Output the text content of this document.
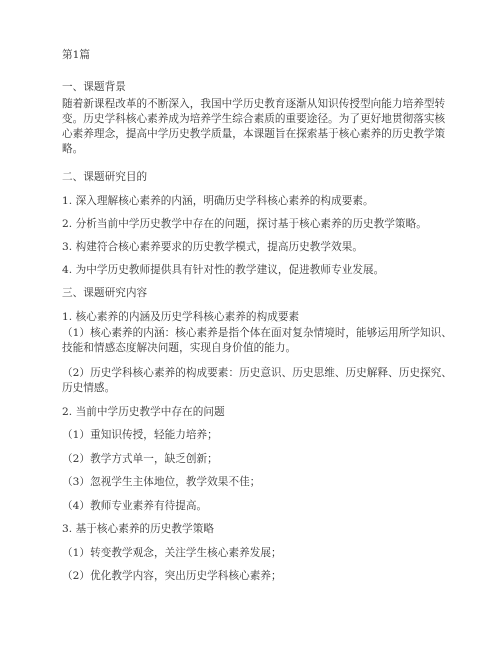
第1篇
一、课题背景
随着新课程改革的不断深入，我国中学历史教育逐渐从知识传授型向能力培养型转
变。历史学科核心素养成为培养学生综合素质的重要途径。为了更好地贯彻落实核
心素养理念，提高中学历史教学质量，本课题旨在探索基于核心素养的历史教学策
略。
二、课题研究目的
1. 深入理解核心素养的内涵，明确历史学科核心素养的构成要素。
2. 分析当前中学历史教学中存在的问题，探讨基于核心素养的历史教学策略。
3. 构建符合核心素养要求的历史教学模式，提高历史教学效果。
4. 为中学历史教师提供具有针对性的教学建议，促进教师专业发展。
三、课题研究内容
1. 核心素养的内涵及历史学科核心素养的构成要素
（1）核心素养的内涵：核心素养是指个体在面对复杂情境时，能够运用所学知识、
技能和情感态度解决问题，实现自身价值的能力。
（2）历史学科核心素养的构成要素：历史意识、历史思维、历史解释、历史探究、
历史情感。
2. 当前中学历史教学中存在的问题
（1）重知识传授，轻能力培养；
（2）教学方式单一，缺乏创新；
（3）忽视学生主体地位，教学效果不佳；
（4）教师专业素养有待提高。
3. 基于核心素养的历史教学策略
（1）转变教学观念，关注学生核心素养发展；
（2）优化教学内容，突出历史学科核心素养；
